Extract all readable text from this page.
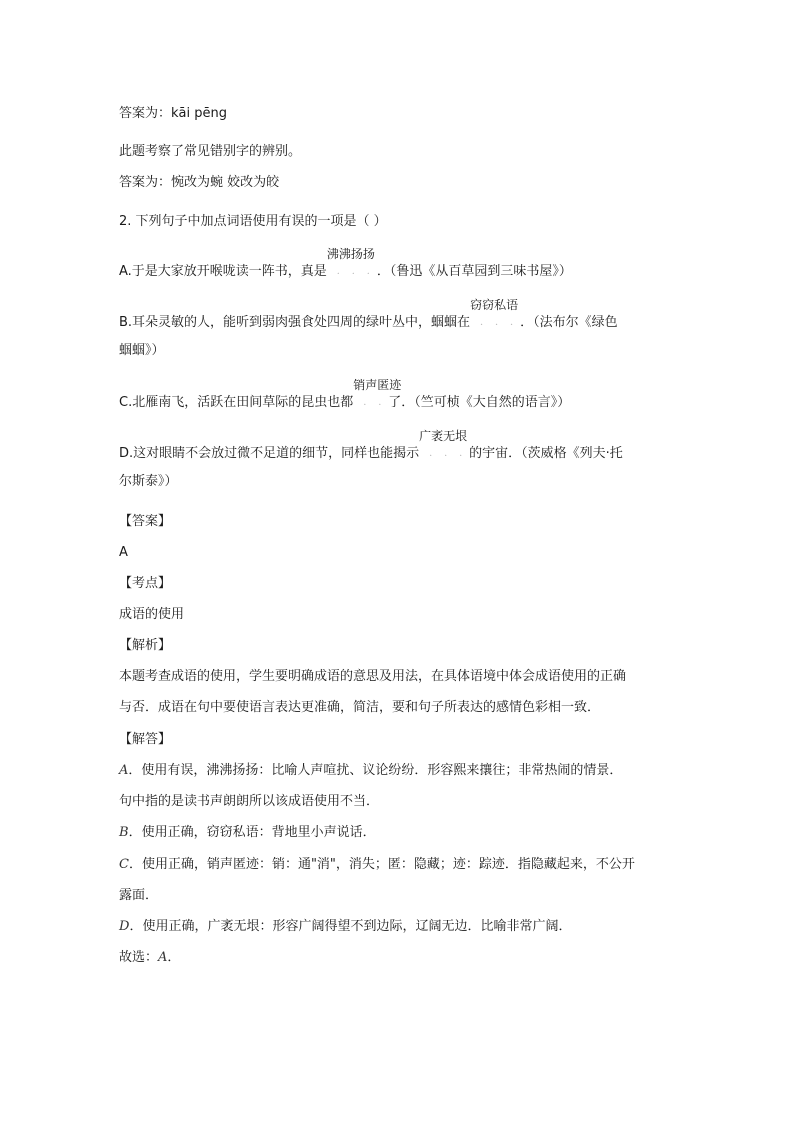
答案为：kāi pēng
此题考察了常见错别字的辨别。
答案为：惋改为蜿 姣改为皎
2. 下列句子中加点词语使用有误的一项是（ ）
A.于是大家放开喉咙读一阵书，真是
沸沸扬扬
　．　．　．．（鲁迅《从百草园到三味书屋》）
B.耳朵灵敏的人，能听到弱肉强食处四周的绿叶丛中，蝈蝈在
窃窃私语
　．　．　．．（法布尔《绿色
蝈蝈》）
C.北雁南飞，活跃在田间草际的昆虫也都
销声匿迹
　．　．了．（竺可桢《大自然的语言》）
D.这对眼睛不会放过微不足道的细节，同样也能揭示
广袤无垠
　．　．　．的宇宙．（茨威格《列夫·托
尔斯泰》）
【答案】
A
【考点】
成语的使用
【解析】
本题考查成语的使用，学生要明确成语的意思及用法，在具体语境中体会成语使用的正确
与否．成语在句中要使语言表达更准确，简洁，要和句子所表达的感情色彩相一致．
【解答】
A．使用有误，沸沸扬扬：比喻人声喧扰、议论纷纷．形容熙来攘往；非常热闹的情景．
句中指的是读书声朗朗所以该成语使用不当．
B．使用正确，窃窃私语：背地里小声说话．
C．使用正确，销声匿迹：销：通"消"，消失；匿：隐藏；迹：踪迹．指隐藏起来，不公开
露面．
D．使用正确，广袤无垠：形容广阔得望不到边际，辽阔无边．比喻非常广阔．
故选：A．
